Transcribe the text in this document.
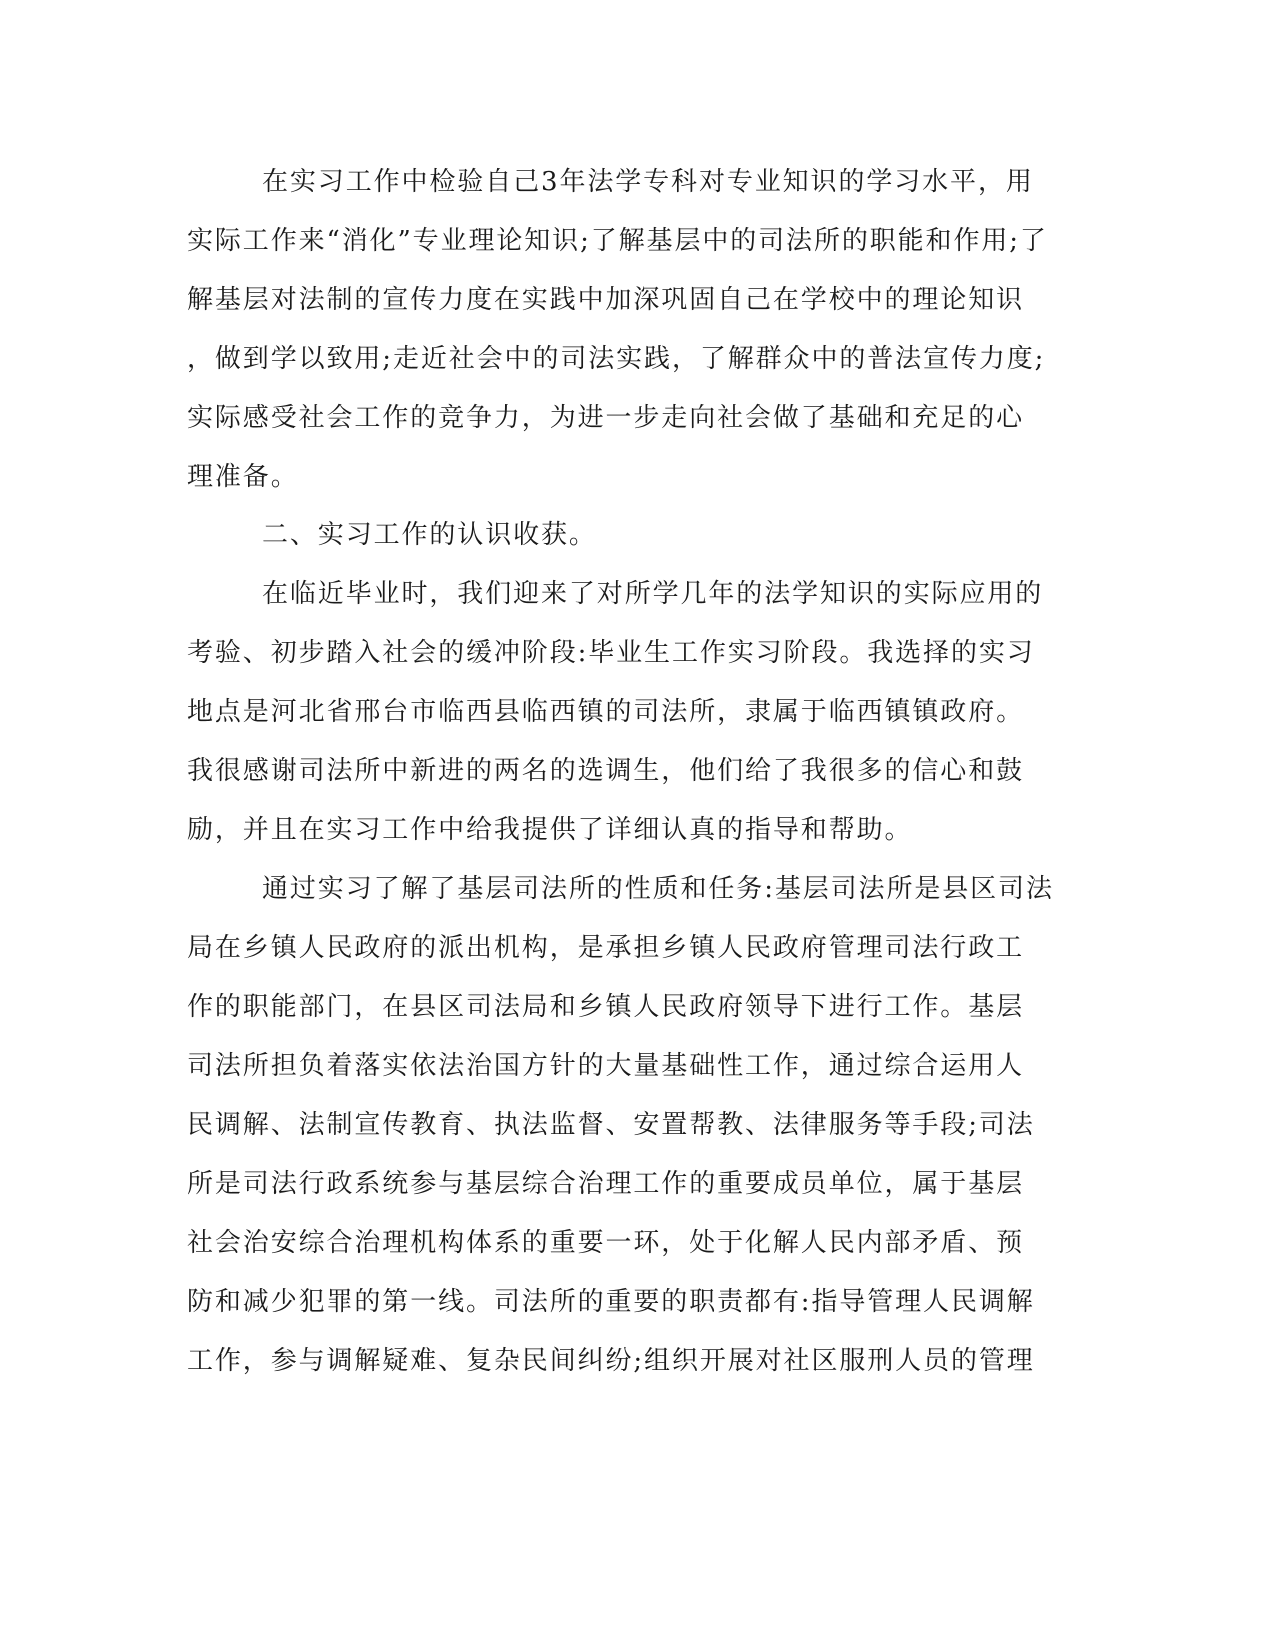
在实习工作中检验自己3年法学专科对专业知识的学习水平，用

实际工作来“消化”专业理论知识;了解基层中的司法所的职能和作用;了

解基层对法制的宣传力度在实践中加深巩固自己在学校中的理论知识

，做到学以致用;走近社会中的司法实践，了解群众中的普法宣传力度;

实际感受社会工作的竞争力，为进一步走向社会做了基础和充足的心

理准备。

二、实习工作的认识收获。

在临近毕业时，我们迎来了对所学几年的法学知识的实际应用的

考验、初步踏入社会的缓冲阶段:毕业生工作实习阶段。我选择的实习

地点是河北省邢台市临西县临西镇的司法所，隶属于临西镇镇政府。

我很感谢司法所中新进的两名的选调生，他们给了我很多的信心和鼓

励，并且在实习工作中给我提供了详细认真的指导和帮助。

通过实习了解了基层司法所的性质和任务:基层司法所是县区司法

局在乡镇人民政府的派出机构，是承担乡镇人民政府管理司法行政工

作的职能部门，在县区司法局和乡镇人民政府领导下进行工作。基层

司法所担负着落实依法治国方针的大量基础性工作，通过综合运用人

民调解、法制宣传教育、执法监督、安置帮教、法律服务等手段;司法

所是司法行政系统参与基层综合治理工作的重要成员单位，属于基层

社会治安综合治理机构体系的重要一环，处于化解人民内部矛盾、预

防和减少犯罪的第一线。司法所的重要的职责都有:指导管理人民调解

工作，参与调解疑难、复杂民间纠纷;组织开展对社区服刑人员的管理
